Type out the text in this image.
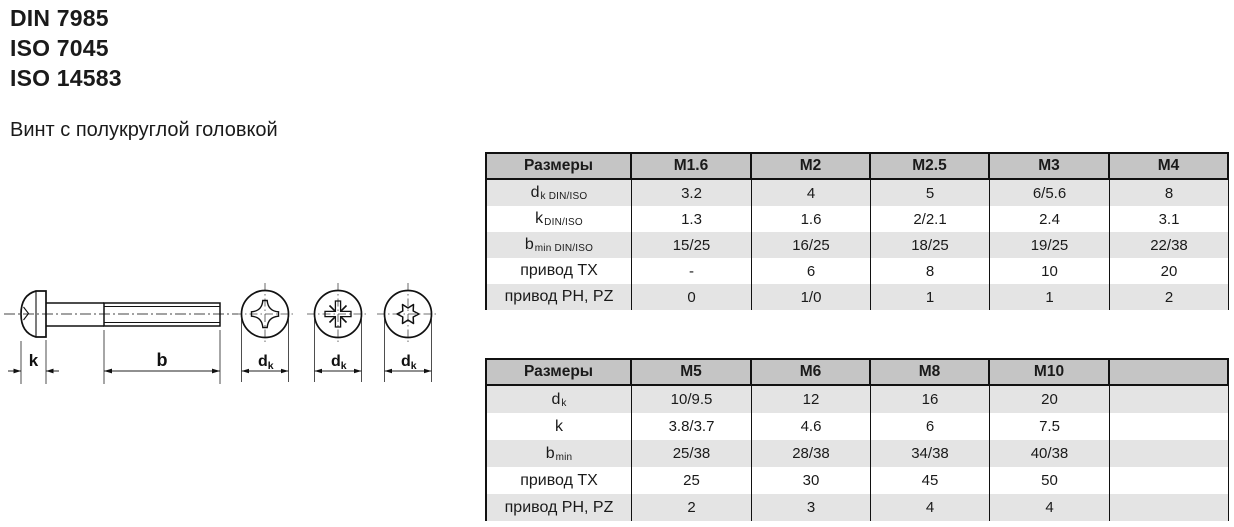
DIN 7985
ISO 7045
ISO 14583
Винт с полукруглой головкой
k	b	dk	dk	dk
Размеры	M1.6	M2	M2.5	M3	M4
d k DIN/ISO	3.2	4	5	6/5.6	8
k DIN/ISO	1.3	1.6	2/2.1	2.4	3.1
b min DIN/ISO	15/25	16/25	18/25	19/25	22/38
привод TX	-	6	8	10	20
привод PH, PZ	0	1/0	1	1	2
Размеры	M5	M6	M8	M10
d k	10/9.5	12	16	20
k	3.8/3.7	4.6	6	7.5
b min	25/38	28/38	34/38	40/38
привод TX	25	30	45	50
привод PH, PZ	2	3	4	4
